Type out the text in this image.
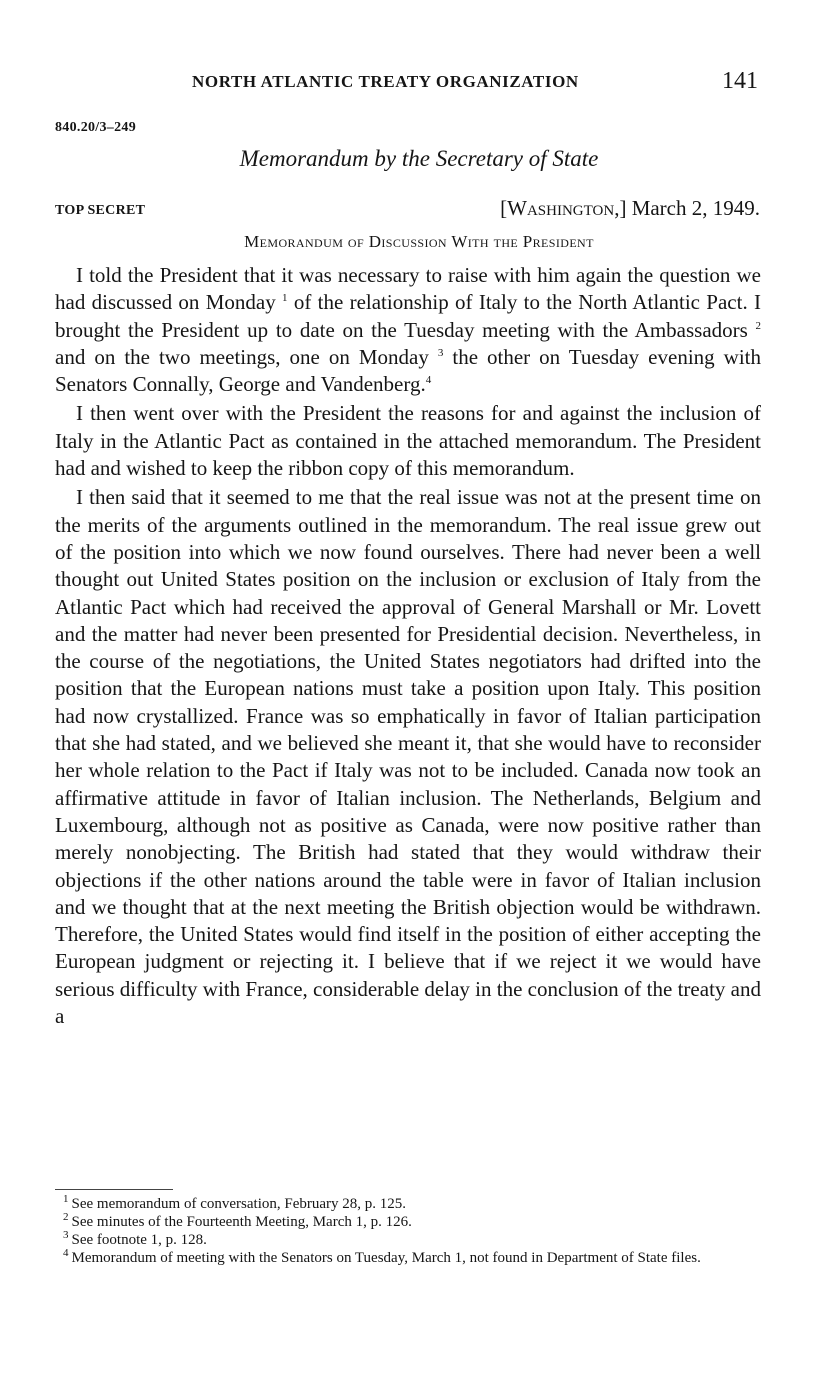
NORTH ATLANTIC TREATY ORGANIZATION	141
840.20/3–249
Memorandum by the Secretary of State
TOP SECRET	[Washington,] March 2, 1949.
Memorandum of Discussion With the President

I told the President that it was necessary to raise with him again the question we had discussed on Monday $^1$ of the relationship of Italy to the North Atlantic Pact. I brought the President up to date on the Tuesday meeting with the Ambassadors $^2$ and on the two meetings, one on Monday $^3$ the other on Tuesday evening with Senators Connally, George and Vandenberg.$^4$

I then went over with the President the reasons for and against the inclusion of Italy in the Atlantic Pact as contained in the attached memorandum. The President had and wished to keep the ribbon copy of this memorandum.

I then said that it seemed to me that the real issue was not at the present time on the merits of the arguments outlined in the memorandum. The real issue grew out of the position into which we now found ourselves. There had never been a well thought out United States position on the inclusion or exclusion of Italy from the Atlantic Pact which had received the approval of General Marshall or Mr. Lovett and the matter had never been presented for Presidential decision. Nevertheless, in the course of the negotiations, the United States negotiators had drifted into the position that the European nations must take a position upon Italy. This position had now crystallized. France was so emphatically in favor of Italian participation that she had stated, and we believed she meant it, that she would have to reconsider her whole relation to the Pact if Italy was not to be included. Canada now took an affirmative attitude in favor of Italian inclusion. The Netherlands, Belgium and Luxembourg, although not as positive as Canada, were now positive rather than merely nonobjecting. The British had stated that they would withdraw their objections if the other nations around the table were in favor of Italian inclusion and we thought that at the next meeting the British objection would be withdrawn. Therefore, the United States would find itself in the position of either accepting the European judgment or rejecting it. I believe that if we reject it we would have serious difficulty with France, considerable delay in the conclusion of the treaty and a

$^1$ See memorandum of conversation, February 28, p. 125.

$^2$ See minutes of the Fourteenth Meeting, March 1, p. 126.

$^3$ See footnote 1, p. 128.

$^4$ Memorandum of meeting with the Senators on Tuesday, March 1, not found in Department of State files.
